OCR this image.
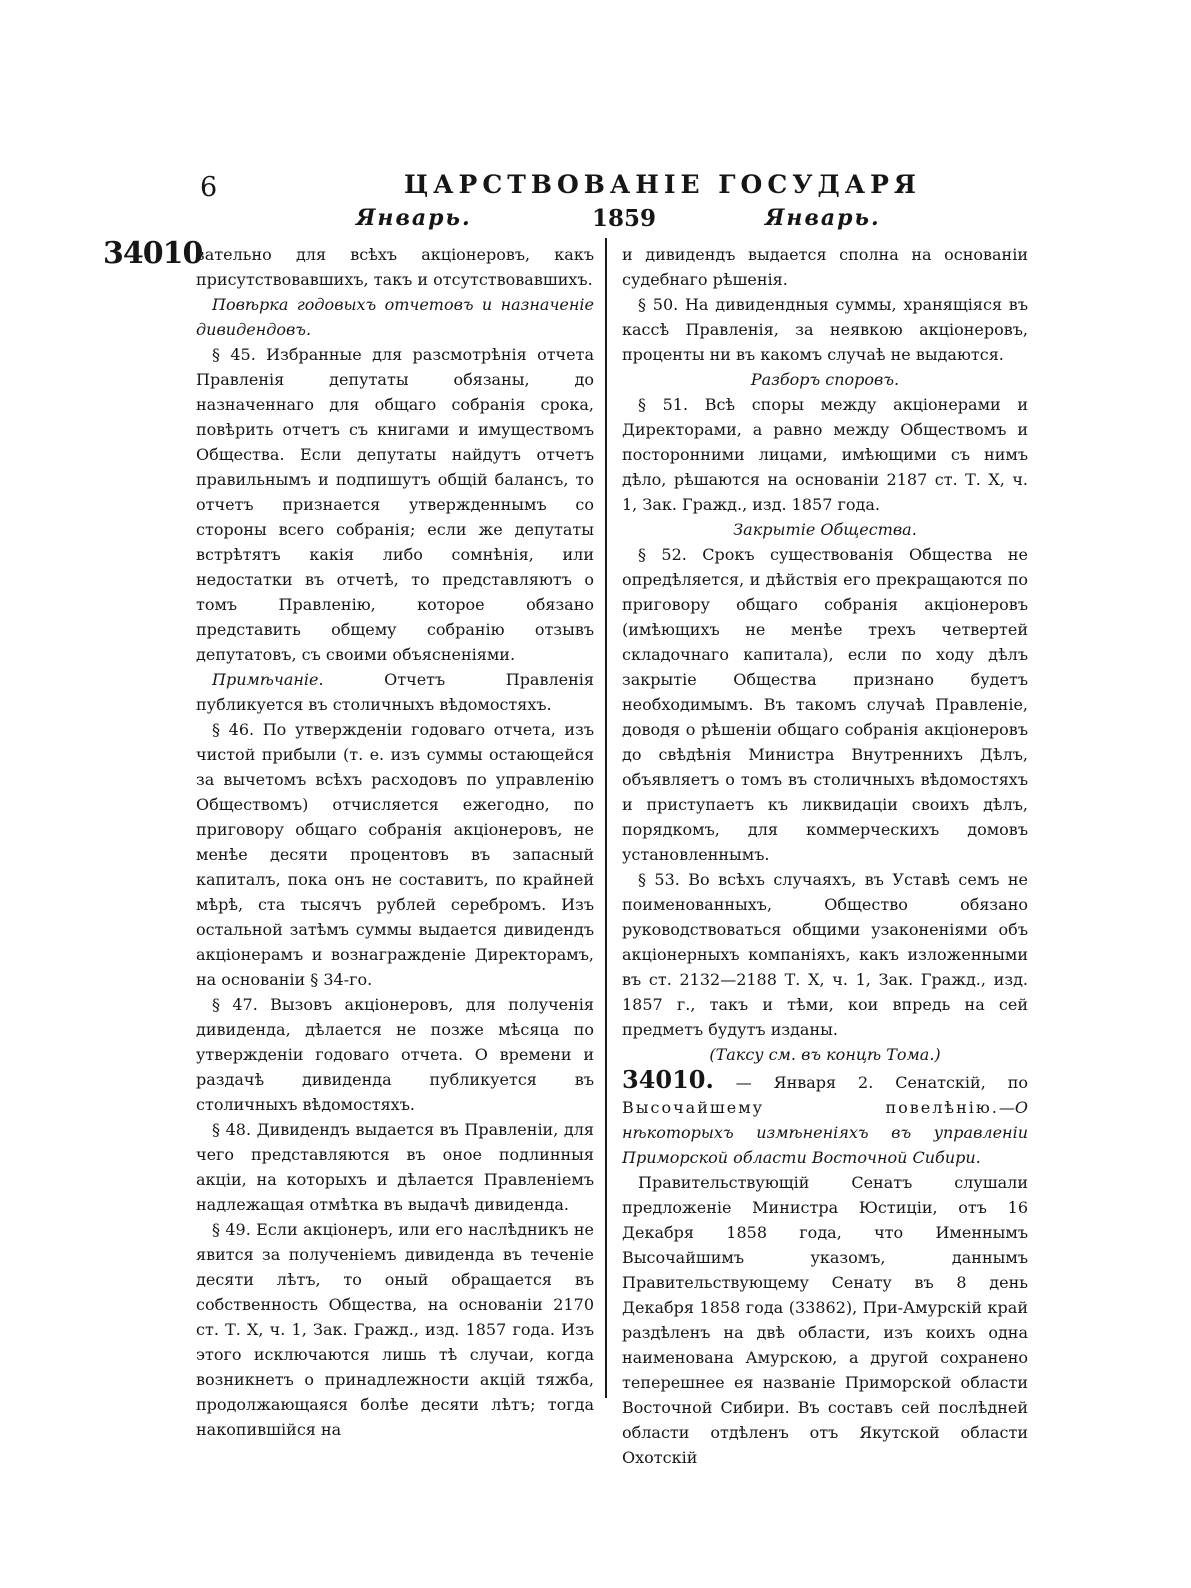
6	ЦАРСТВОВАНІЕ ГОСУДАРЯ
Январь.	1859	Январь.
34010

зательно для всѣхъ акціонеровъ, какъ присутствовавшихъ, такъ и отсутствовавшихъ.

Повѣрка годовыхъ отчетовъ и назначеніе дивидендовъ.

§ 45. Избранные для разсмотрѣнія отчета Правленія депутаты обязаны, до назначеннаго для общаго собранія срока, повѣрить отчетъ съ книгами и имуществомъ Общества. Если депутаты найдутъ отчетъ правильнымъ и подпишутъ общій балансъ, то отчетъ признается утвержденнымъ со стороны всего собранія; если же депутаты встрѣтятъ какія либо сомнѣнія, или недостатки въ отчетѣ, то представляютъ о томъ Правленію, которое обязано представить общему собранію отзывъ депутатовъ, съ своими объясненіями.

Примѣчаніе.	Отчетъ Правленія публикуется въ столичныхъ вѣдомостяхъ.

§ 46. По утвержденіи годоваго отчета, изъ чистой прибыли (т. е. изъ суммы остающейся за вычетомъ всѣхъ расходовъ по управленію Обществомъ) отчисляется ежегодно, по приговору общаго собранія акціонеровъ, не менѣе десяти процентовъ въ запасный капиталъ, пока онъ не составитъ, по крайней мѣрѣ, ста тысячъ рублей серебромъ. Изъ остальной затѣмъ суммы выдается дивидендъ акціонерамъ и вознагражденіе Директорамъ, на основаніи § 34-го.

§ 47. Вызовъ акціонеровъ, для полученія дивиденда, дѣлается не позже мѣсяца по утвержденіи годоваго отчета. О времени и раздачѣ дивиденда публикуется въ столичныхъ вѣдомостяхъ.

§ 48. Дивидендъ выдается въ Правленіи, для чего представляются въ оное подлинныя акціи, на которыхъ и дѣлается Правленіемъ надлежащая отмѣтка въ выдачѣ дивиденда.

§ 49. Если акціонеръ, или его наслѣдникъ не явится за полученіемъ дивиденда въ теченіе десяти лѣтъ, то оный обращается въ собственность Общества, на основаніи 2170 ст. Т. X, ч. 1, Зак. Гражд., изд. 1857 года. Изъ этого исключаются лишь тѣ случаи, когда возникнетъ о принадлежности акцій тяжба, продолжающаяся болѣе десяти лѣтъ; тогда накопившійся на

и дивидендъ выдается сполна на основаніи судебнаго рѣшенія.

§ 50. На дивидендныя суммы, хранящіяся въ кассѣ Правленія, за неявкою акціонеровъ, проценты ни въ какомъ случаѣ не выдаются.

Разборъ споровъ.

§ 51. Всѣ споры между акціонерами и Директорами, а равно между Обществомъ и посторонними лицами, имѣющими съ нимъ дѣло, рѣшаются на основаніи 2187 ст. Т. X, ч. 1, Зак. Гражд., изд. 1857 года.

Закрытіе Общества.

§ 52. Срокъ существованія Общества не опредѣляется, и дѣйствія его прекращаются по приговору общаго собранія акціонеровъ (имѣющихъ не менѣе трехъ четвертей складочнаго капитала), если по ходу дѣлъ закрытіе Общества признано будетъ необходимымъ. Въ такомъ случаѣ Правленіе, доводя о рѣшеніи общаго собранія акціонеровъ до свѣдѣнія Министра Внутреннихъ Дѣлъ, объявляетъ о томъ въ столичныхъ вѣдомостяхъ и приступаетъ къ ликвидаціи своихъ дѣлъ, порядкомъ, для коммерческихъ домовъ установленнымъ.

§ 53. Во всѣхъ случаяхъ, въ Уставѣ семъ не поименованныхъ, Общество обязано руководствоваться общими узаконеніями объ акціонерныхъ компаніяхъ, какъ изложенными въ ст. 2132—2188 Т. X, ч. 1, Зак. Гражд., изд. 1857 г., такъ и тѣми, кои впредь на сей предметъ будутъ изданы.

(Таксу см. въ концѣ Тома.)

34010. — Января 2. Сенатскій, по Высочайшему повелѣнію.—О нѣкоторыхъ измѣненіяхъ въ управленіи Приморской области Восточной Сибири.

Правительствующій Сенатъ слушали предложеніе Министра Юстиціи, отъ 16 Декабря 1858 года, что Именнымъ Высочайшимъ указомъ, даннымъ Правительствующему Сенату въ 8 день Декабря 1858 года (33862), При-Амурскій край раздѣленъ на двѣ области, изъ коихъ одна наименована Амурскою, а другой сохранено теперешнее ея названіе Приморской области Восточной Сибири. Въ составъ сей послѣдней области отдѣленъ отъ Якутской области Охотскій
